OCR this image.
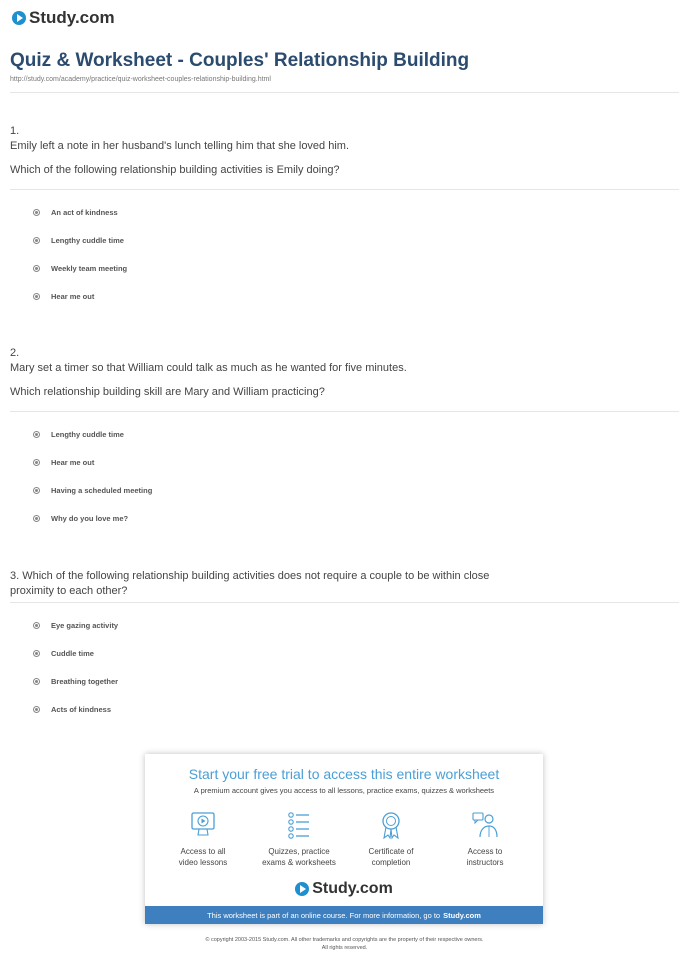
Study.com
Quiz & Worksheet - Couples' Relationship Building
http://study.com/academy/practice/quiz-worksheet-couples-relationship-building.html

1.

Emily left a note in her husband's lunch telling him that she loved him.

Which of the following relationship building activities is Emily doing?

An act of kindness
Lengthy cuddle time
Weekly team meeting
Hear me out

2.

Mary set a timer so that William could talk as much as he wanted for five minutes.

Which relationship building skill are Mary and William practicing?

Lengthy cuddle time
Hear me out
Having a scheduled meeting
Why do you love me?

3. Which of the following relationship building activities does not require a couple to be within close

proximity to each other?

Eye gazing activity
Cuddle time
Breathing together
Acts of kindness
Start your free trial to access this entire worksheet
A premium account gives you access to all lessons, practice exams, quizzes & worksheets
Access to all
video lessons
Quizzes, practice
exams & worksheets
Certificate of
completion
Access to
instructors
Study.com
This worksheet is part of an online course. For more information, go to Study.com
© copyright 2003-2015 Study.com. All other trademarks and copyrights are the property of their respective owners.
All rights reserved.
